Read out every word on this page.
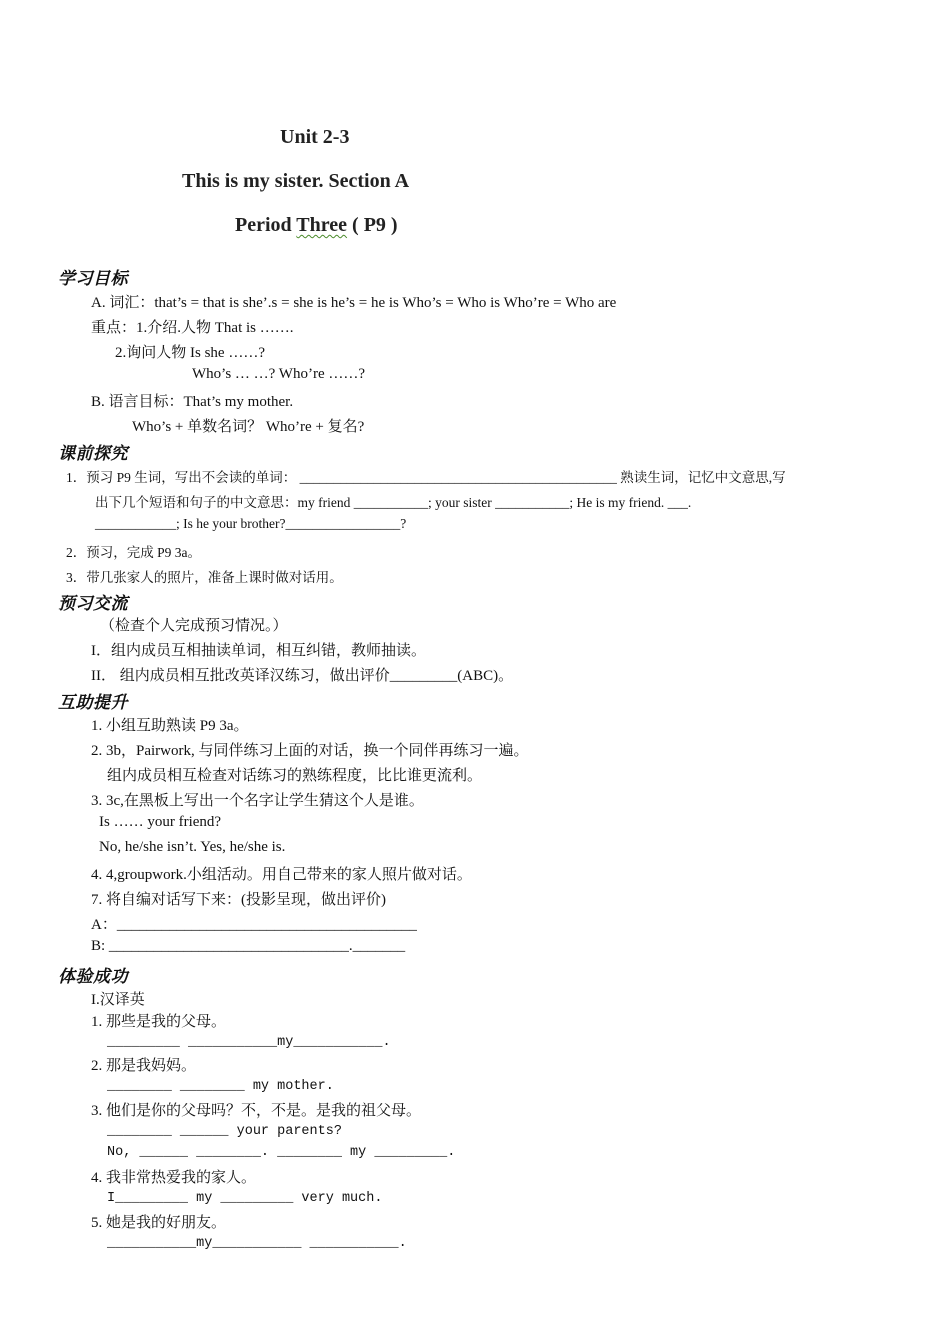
Unit 2-3
This is my sister. Section A
Period Three ( P9 )
学习目标
A. 词汇：that’s = that is she’.s = she is he’s = he is Who’s = Who is Who’re = Who are
重点：1.介绍.人物 That is …….
2.询问人物 Is she ……?
Who’s … …? Who’re ……?
B. 语言目标：That’s my mother.
Who’s + 单数名词？ Who’re + 复名?
课前探究
1．预习 P9 生词，写出不会读的单词： _______________________________________________ 熟读生词，记忆中文意思,写
出下几个短语和句子的中文意思：my friend ___________; your sister ___________; He is my friend. ___.
____________; Is he your brother?_________________?
2．预习，完成 P9 3a。
3．带几张家人的照片，准备上课时做对话用。
预习交流
（检查个人完成预习情况。）
I．组内成员互相抽读单词，相互纠错，教师抽读。
II． 组内成员相互批改英译汉练习，做出评价_________(ABC)。
互助提升
1. 小组互助熟读 P9 3a。
2. 3b，Pairwork, 与同伴练习上面的对话，换一个同伴再练习一遍。
组内成员相互检查对话练习的熟练程度，比比谁更流利。
3. 3c,在黑板上写出一个名字让学生猜这个人是谁。
Is …… your friend?
No, he/she isn’t. Yes, he/she is.
4. 4,groupwork.小组活动。用自己带来的家人照片做对话。
7. 将自编对话写下来：(投影呈现，做出评价)
A：________________________________________
B: ________________________________._______
体验成功
I.汉译英
1. 那些是我的父母。
_________ ___________my___________.
2. 那是我妈妈。
________ ________ my mother.
3. 他们是你的父母吗？不，不是。是我的祖父母。
________ ______ your parents?
No, ______ ________. ________ my _________.
4. 我非常热爱我的家人。
I_________ my _________ very much.
5. 她是我的好朋友。
___________my___________ ___________.
